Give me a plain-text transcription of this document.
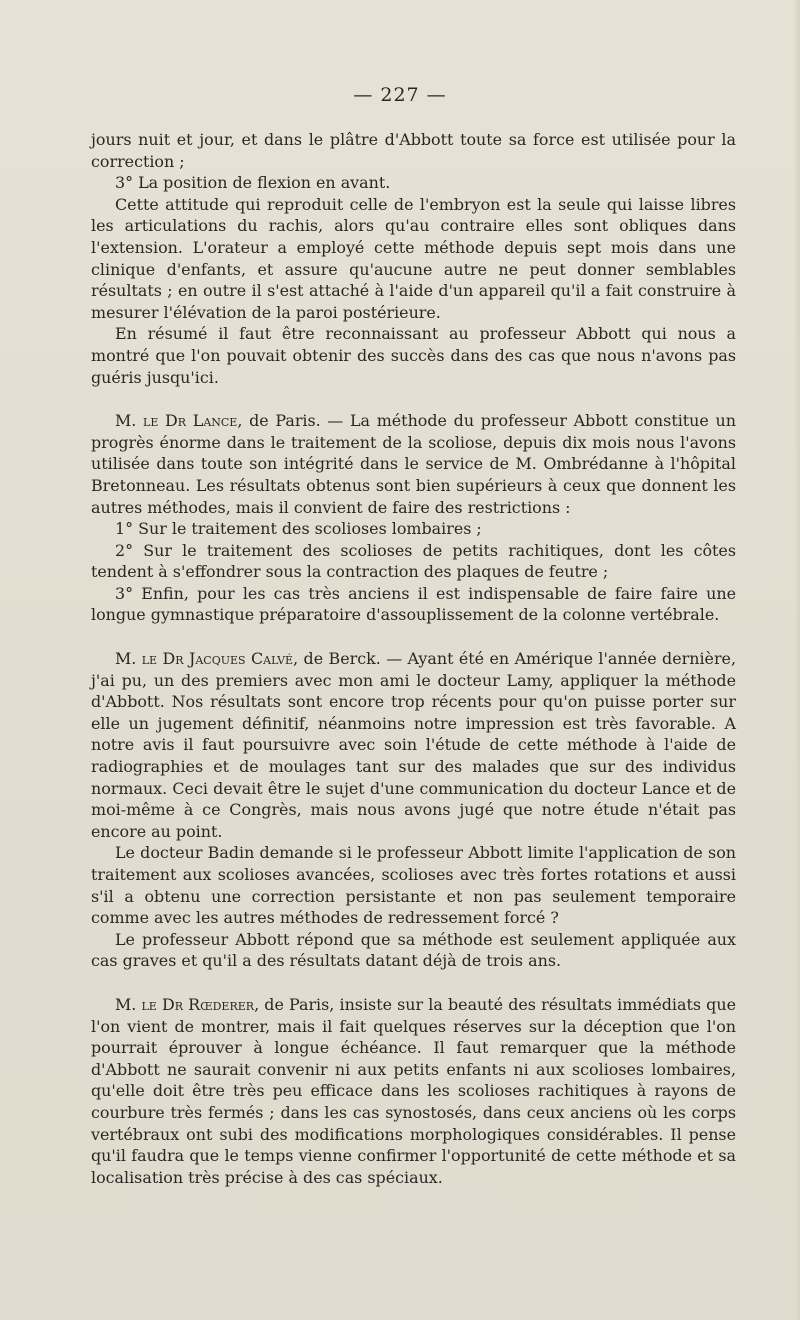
— 227 —

jours nuit et jour, et dans le plâtre d'Abbott toute sa force est utilisée pour la correction ;

3° La position de flexion en avant.

Cette attitude qui reproduit celle de l'embryon est la seule qui laisse libres les articulations du rachis, alors qu'au contraire elles sont obliques dans l'extension. L'orateur a employé cette méthode depuis sept mois dans une clinique d'enfants, et assure qu'aucune autre ne peut donner semblables résultats ; en outre il s'est attaché à l'aide d'un appareil qu'il a fait construire à mesurer l'élévation de la paroi postérieure.

En résumé il faut être reconnaissant au professeur Abbott qui nous a montré que l'on pouvait obtenir des succès dans des cas que nous n'avons pas guéris jusqu'ici.

M. le Dr Lance, de Paris. — La méthode du professeur Abbott constitue un progrès énorme dans le traitement de la scoliose, depuis dix mois nous l'avons utilisée dans toute son intégrité dans le service de M. Ombrédanne à l'hôpital Bretonneau. Les résultats obtenus sont bien supérieurs à ceux que donnent les autres méthodes, mais il convient de faire des restrictions :

1° Sur le traitement des scolioses lombaires ;

2° Sur le traitement des scolioses de petits rachitiques, dont les côtes tendent à s'effondrer sous la contraction des plaques de feutre ;

3° Enfin, pour les cas très anciens il est indispensable de faire faire une longue gymnastique préparatoire d'assouplissement de la colonne vertébrale.

M. le Dr Jacques Calvé, de Berck. — Ayant été en Amérique l'année dernière, j'ai pu, un des premiers avec mon ami le docteur Lamy, appliquer la méthode d'Abbott. Nos résultats sont encore trop récents pour qu'on puisse porter sur elle un jugement définitif, néanmoins notre impression est très favorable. A notre avis il faut poursuivre avec soin l'étude de cette méthode à l'aide de radiographies et de moulages tant sur des malades que sur des individus normaux. Ceci devait être le sujet d'une communication du docteur Lance et de moi-même à ce Congrès, mais nous avons jugé que notre étude n'était pas encore au point.

Le docteur Badin demande si le professeur Abbott limite l'application de son traitement aux scolioses avancées, scolioses avec très fortes rotations et aussi s'il a obtenu une correction persistante et non pas seulement temporaire comme avec les autres méthodes de redressement forcé ?

Le professeur Abbott répond que sa méthode est seulement appliquée aux cas graves et qu'il a des résultats datant déjà de trois ans.

M. le Dr Rœderer, de Paris, insiste sur la beauté des résultats immédiats que l'on vient de montrer, mais il fait quelques réserves sur la déception que l'on pourrait éprouver à longue échéance. Il faut remarquer que la méthode d'Abbott ne saurait convenir ni aux petits enfants ni aux scolioses lombaires, qu'elle doit être très peu efficace dans les scolioses rachitiques à rayons de courbure très fermés ; dans les cas synostosés, dans ceux anciens où les corps vertébraux ont subi des modifications morphologiques considérables. Il pense qu'il faudra que le temps vienne confirmer l'opportunité de cette méthode et sa localisation très précise à des cas spéciaux.
